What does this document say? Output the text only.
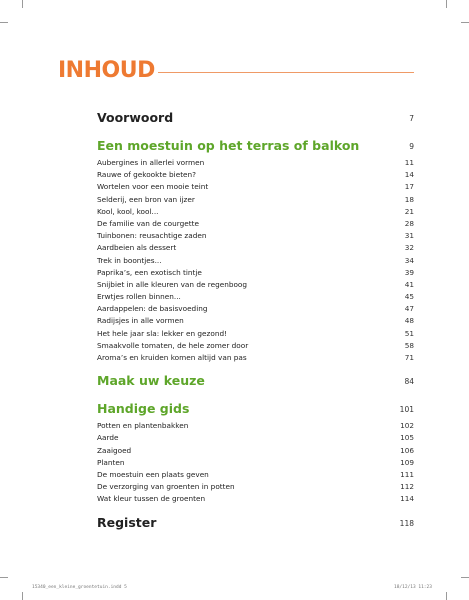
INHOUD
Voorwoord	7
Een moestuin op het terras of balkon	9
Aubergines in allerlei vormen	11
Rauwe of gekookte bieten?	14
Wortelen voor een mooie teint	17
Selderij, een bron van ijzer	18
Kool, kool, kool...	21
De familie van de courgette	28
Tuinbonen: reusachtige zaden	31
Aardbeien als dessert	32
Trek in boontjes...	34
Paprika’s, een exotisch tintje	39
Snijbiet in alle kleuren van de regenboog	41
Erwtjes rollen binnen...	45
Aardappelen: de basisvoeding	47
Radijsjes in alle vormen	48
Het hele jaar sla: lekker en gezond!	51
Smaakvolle tomaten, de hele zomer door	58
Aroma’s en kruiden komen altijd van pas	71
Maak uw keuze	84
Handige gids	101
Potten en plantenbakken	102
Aarde	105
Zaaigoed	106
Planten	109
De moestuin een plaats geven	111
De verzorging van groenten in potten	112
Wat kleur tussen de groenten	114
Register	118
15340_een_kleine_groentetuin.indd 5	18/12/13 11:23
